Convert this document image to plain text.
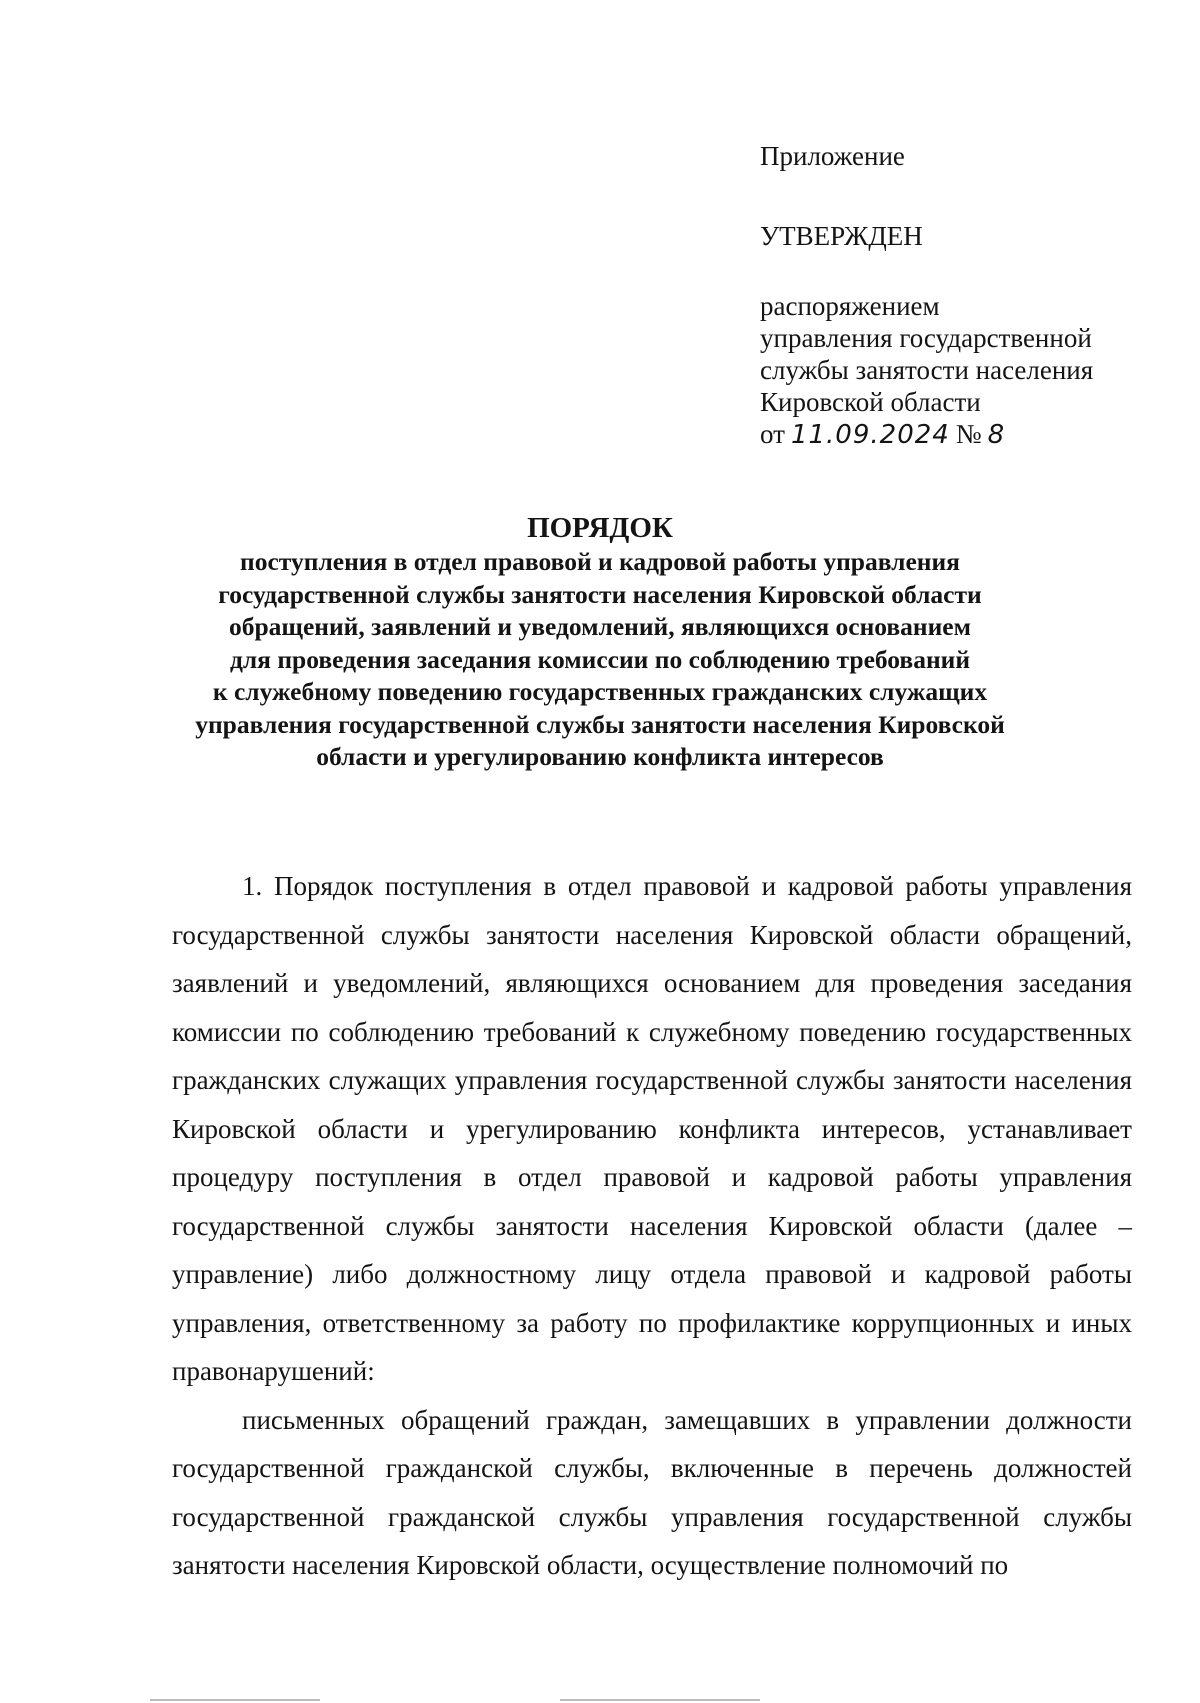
Приложение
УТВЕРЖДЕН
распоряжением
управления государственной
службы занятости населения
Кировской области
от 11.09.2024 № 8
ПОРЯДОК
поступления в отдел правовой и кадровой работы управления
государственной службы занятости населения Кировской области
обращений, заявлений и уведомлений, являющихся основанием
для проведения заседания комиссии по соблюдению требований
к служебному поведению государственных гражданских служащих
управления государственной службы занятости населения Кировской
области и урегулированию конфликта интересов

1. Порядок поступления в отдел правовой и кадровой работы управления государственной службы занятости населения Кировской области обращений, заявлений и уведомлений, являющихся основанием для проведения заседания комиссии по соблюдению требований к служебному поведению государственных гражданских служащих управления государственной службы занятости населения Кировской области и урегулированию конфликта интересов, устанавливает процедуру поступления в отдел правовой и кадровой работы управления государственной службы занятости населения Кировской области (далее – управление) либо должностному лицу отдела правовой и кадровой работы управления, ответственному за работу по профилактике коррупционных и иных правонарушений:

письменных обращений граждан, замещавших в управлении должности государственной гражданской службы, включенные в перечень должностей государственной гражданской службы управления государственной службы занятости населения Кировской области, осуществление полномочий по
